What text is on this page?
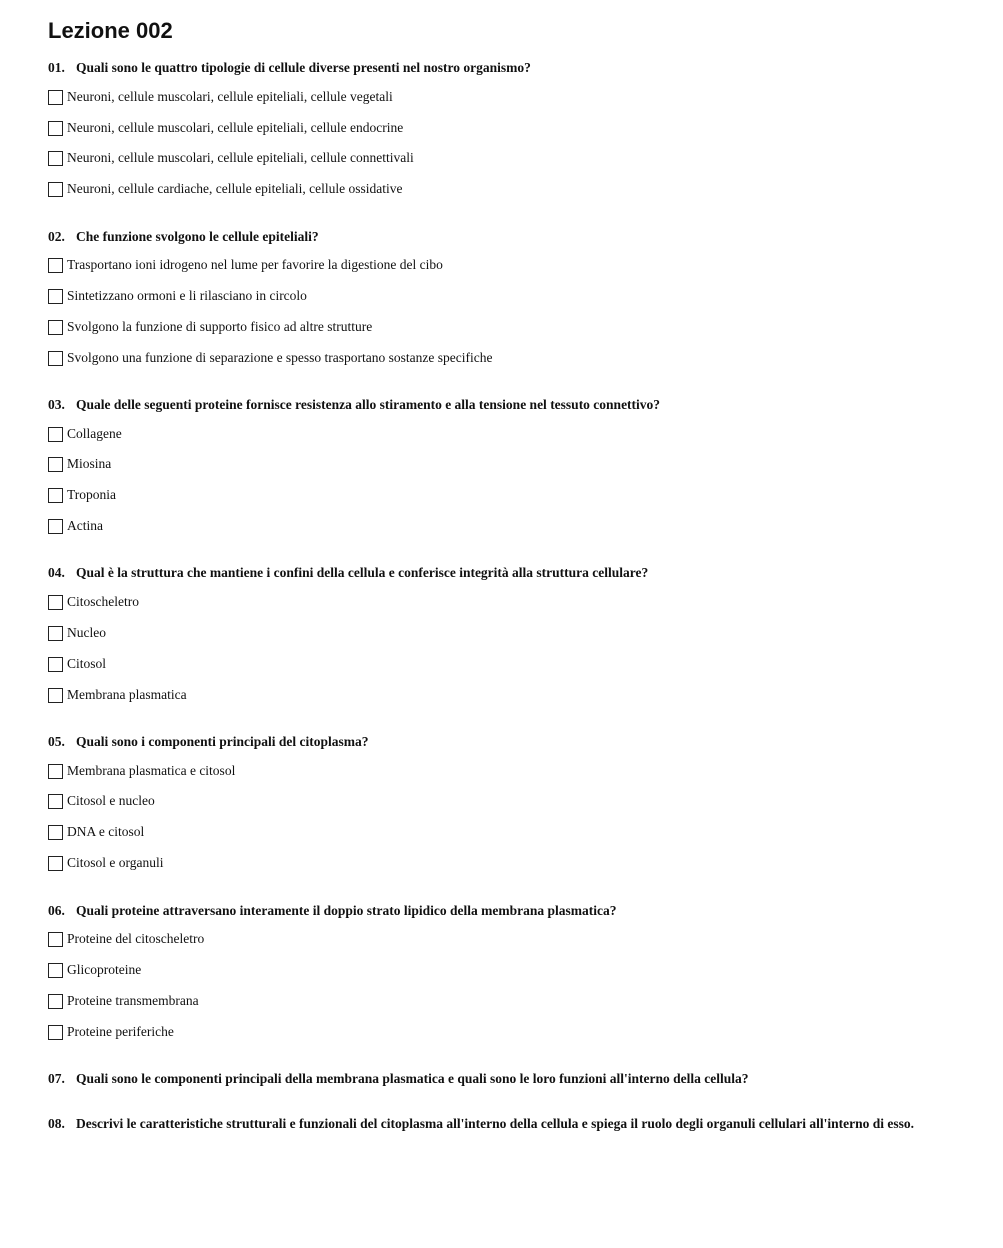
Lezione 002
01. Quali sono le quattro tipologie di cellule diverse presenti nel nostro organismo?
Neuroni, cellule muscolari, cellule epiteliali, cellule vegetali
Neuroni, cellule muscolari, cellule epiteliali, cellule endocrine
Neuroni, cellule muscolari, cellule epiteliali, cellule connettivali
Neuroni, cellule cardiache, cellule epiteliali, cellule ossidative
02. Che funzione svolgono le cellule epiteliali?
Trasportano ioni idrogeno nel lume per favorire la digestione del cibo
Sintetizzano ormoni e li rilasciano in circolo
Svolgono la funzione di supporto fisico ad altre strutture
Svolgono una funzione di separazione e spesso trasportano sostanze specifiche
03. Quale delle seguenti proteine fornisce resistenza allo stiramento e alla tensione nel tessuto connettivo?
Collagene
Miosina
Troponia
Actina
04. Qual è la struttura che mantiene i confini della cellula e conferisce integrità alla struttura cellulare?
Citoscheletro
Nucleo
Citosol
Membrana plasmatica
05. Quali sono i componenti principali del citoplasma?
Membrana plasmatica e citosol
Citosol e nucleo
DNA e citosol
Citosol e organuli
06. Quali proteine attraversano interamente il doppio strato lipidico della membrana plasmatica?
Proteine del citoscheletro
Glicoproteine
Proteine transmembrana
Proteine periferiche
07. Quali sono le componenti principali della membrana plasmatica e quali sono le loro funzioni all'interno della cellula?
08. Descrivi le caratteristiche strutturali e funzionali del citoplasma all'interno della cellula e spiega il ruolo degli organuli cellulari all'interno di esso.
